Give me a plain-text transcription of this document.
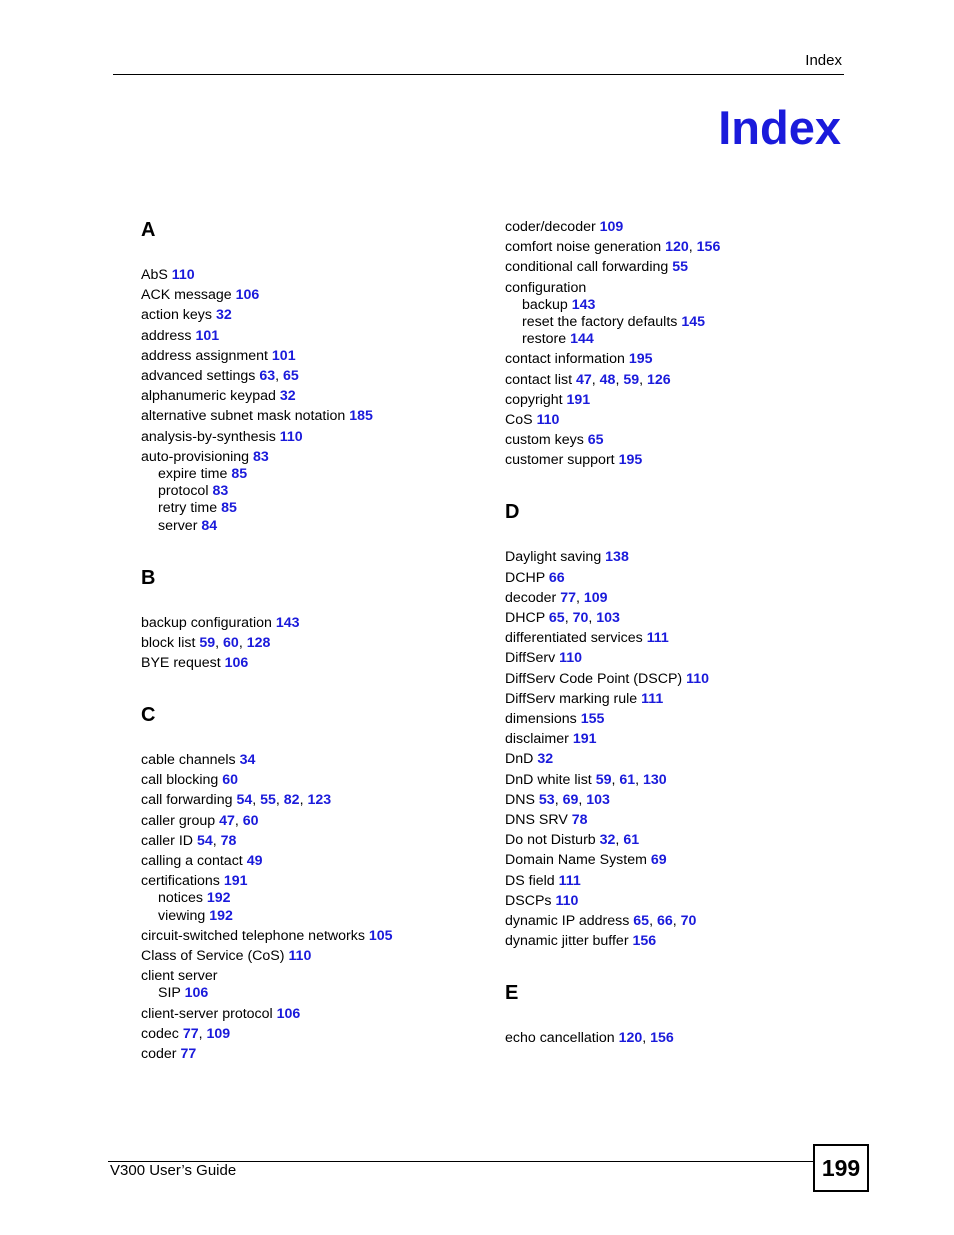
Index
Index
A
AbS 110
ACK message 106
action keys 32
address 101
address assignment 101
advanced settings 63, 65
alphanumeric keypad 32
alternative subnet mask notation 185
analysis-by-synthesis 110
auto-provisioning 83
expire time 85
protocol 83
retry time 85
server 84
B
backup configuration 143
block list 59, 60, 128
BYE request 106
C
cable channels 34
call blocking 60
call forwarding 54, 55, 82, 123
caller group 47, 60
caller ID 54, 78
calling a contact 49
certifications 191
notices 192
viewing 192
circuit-switched telephone networks 105
Class of Service (CoS) 110
client server
SIP 106
client-server protocol 106
codec 77, 109
coder 77
coder/decoder 109
comfort noise generation 120, 156
conditional call forwarding 55
configuration
backup 143
reset the factory defaults 145
restore 144
contact information 195
contact list 47, 48, 59, 126
copyright 191
CoS 110
custom keys 65
customer support 195
D
Daylight saving 138
DCHP 66
decoder 77, 109
DHCP 65, 70, 103
differentiated services 111
DiffServ 110
DiffServ Code Point (DSCP) 110
DiffServ marking rule 111
dimensions 155
disclaimer 191
DnD 32
DnD white list 59, 61, 130
DNS 53, 69, 103
DNS SRV 78
Do not Disturb 32, 61
Domain Name System 69
DS field 111
DSCPs 110
dynamic IP address 65, 66, 70
dynamic jitter buffer 156
E
echo cancellation 120, 156
V300 User’s Guide	199
